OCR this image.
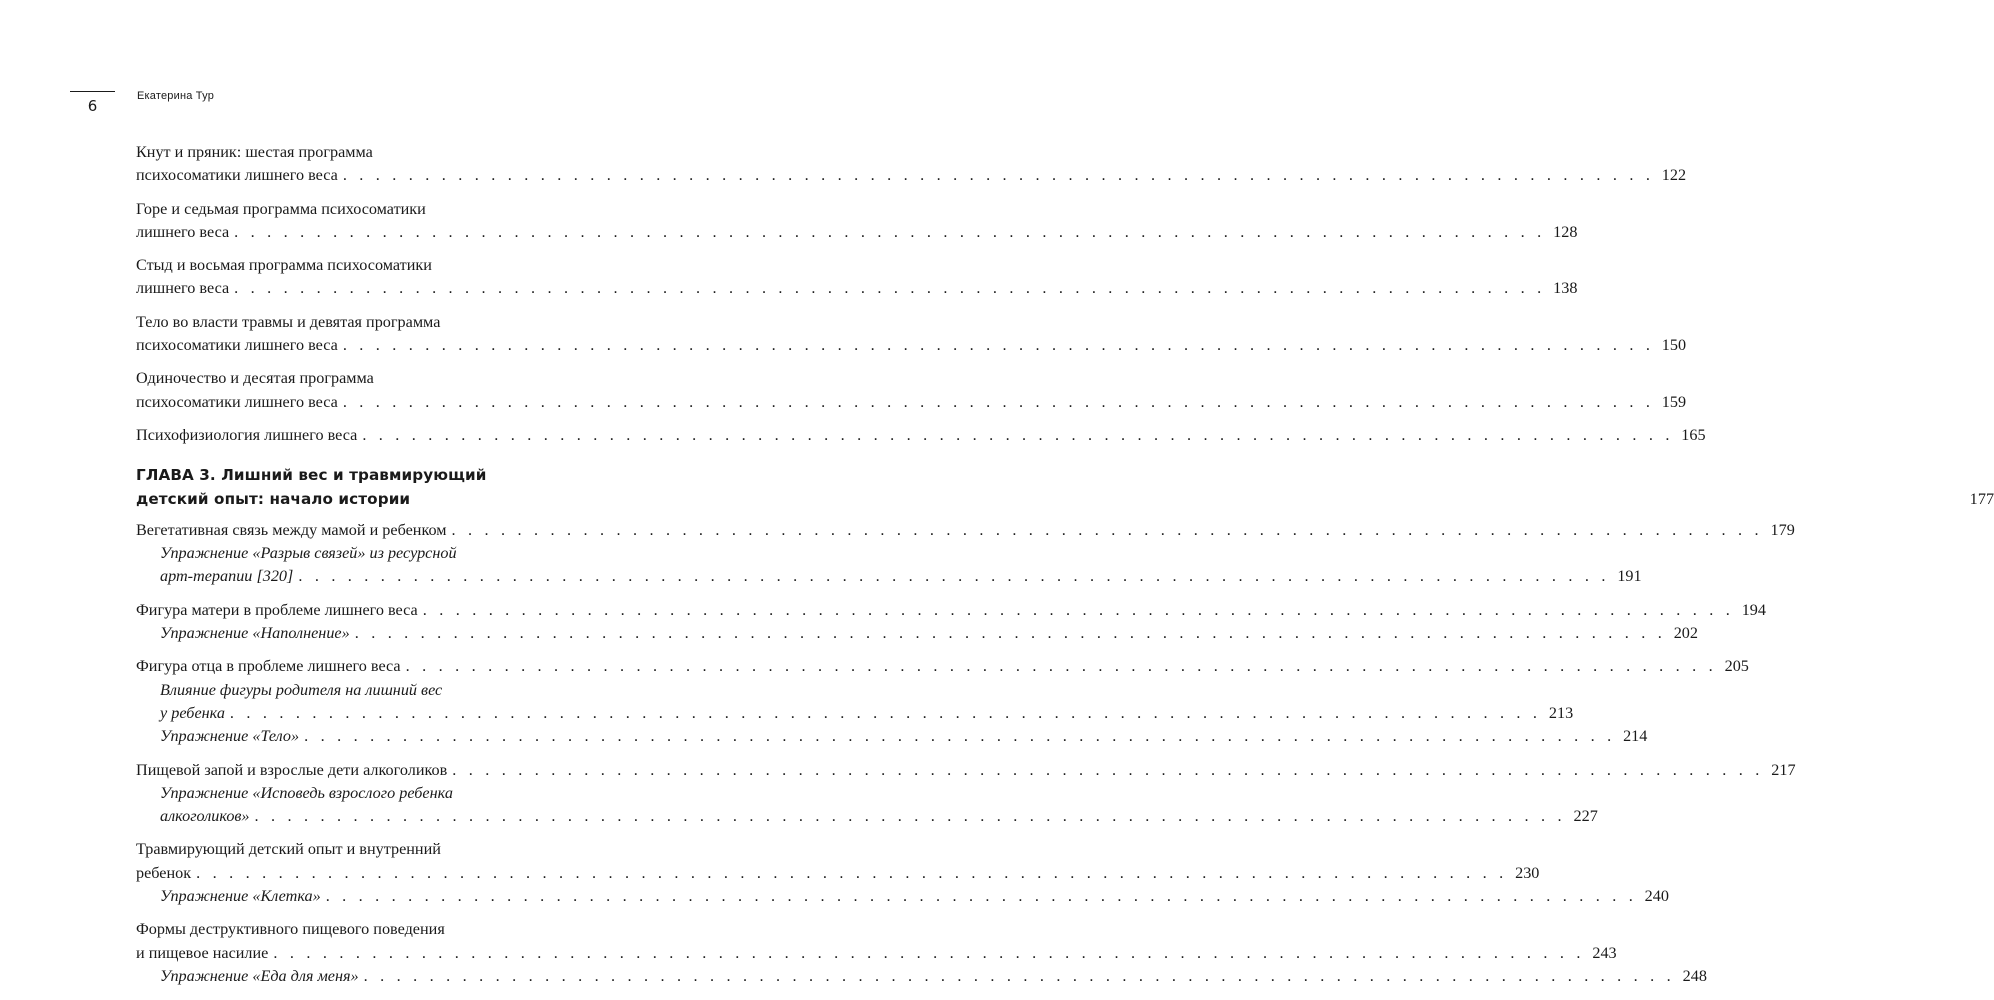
6
Екатерина Тур
Кнут и пряник: шестая программа
психосоматики лишнего веса . . . . . . . . . . . . . . . . . . . . . . . . . . . . . . . . . . . . . . . . . . . . . . . . . . . . . . . . . . . . . . . . . . . . . . . . . . . . . . . . 122
Горе и седьмая программа психосоматики
лишнего веса . . . . . . . . . . . . . . . . . . . . . . . . . . . . . . . . . . . . . . . . . . . . . . . . . . . . . . . . . . . . . . . . . . . . . . . . . . . . . . . . 128
Стыд и восьмая программа психосоматики
лишнего веса . . . . . . . . . . . . . . . . . . . . . . . . . . . . . . . . . . . . . . . . . . . . . . . . . . . . . . . . . . . . . . . . . . . . . . . . . . . . . . . . 138
Тело во власти травмы и девятая программа
психосоматики лишнего веса . . . . . . . . . . . . . . . . . . . . . . . . . . . . . . . . . . . . . . . . . . . . . . . . . . . . . . . . . . . . . . . . . . . . . . . . . . . . . . . . 150
Одиночество и десятая программа
психосоматики лишнего веса . . . . . . . . . . . . . . . . . . . . . . . . . . . . . . . . . . . . . . . . . . . . . . . . . . . . . . . . . . . . . . . . . . . . . . . . . . . . . . . . 159
Психофизиология лишнего веса . . . . . . . . . . . . . . . . . . . . . . . . . . . . . . . . . . . . . . . . . . . . . . . . . . . . . . . . . . . . . . . . . . . . . . . . . . . . . . . . 165
ГЛАВА 3. Лишний вес и травмирующий
детский опыт: начало истории	177
Вегетативная связь между мамой и ребенком . . . . . . . . . . . . . . . . . . . . . . . . . . . . . . . . . . . . . . . . . . . . . . . . . . . . . . . . . . . . . . . . . . . . . . . . . . . . . . . . 179
Упражнение «Разрыв связей» из ресурсной
арт-терапии [320] . . . . . . . . . . . . . . . . . . . . . . . . . . . . . . . . . . . . . . . . . . . . . . . . . . . . . . . . . . . . . . . . . . . . . . . . . . . . . . . . 191
Фигура матери в проблеме лишнего веса . . . . . . . . . . . . . . . . . . . . . . . . . . . . . . . . . . . . . . . . . . . . . . . . . . . . . . . . . . . . . . . . . . . . . . . . . . . . . . . . 194
Упражнение «Наполнение» . . . . . . . . . . . . . . . . . . . . . . . . . . . . . . . . . . . . . . . . . . . . . . . . . . . . . . . . . . . . . . . . . . . . . . . . . . . . . . . . 202
Фигура отца в проблеме лишнего веса . . . . . . . . . . . . . . . . . . . . . . . . . . . . . . . . . . . . . . . . . . . . . . . . . . . . . . . . . . . . . . . . . . . . . . . . . . . . . . . . 205
Влияние фигуры родителя на лишний вес
у ребенка . . . . . . . . . . . . . . . . . . . . . . . . . . . . . . . . . . . . . . . . . . . . . . . . . . . . . . . . . . . . . . . . . . . . . . . . . . . . . . . . 213
Упражнение «Тело» . . . . . . . . . . . . . . . . . . . . . . . . . . . . . . . . . . . . . . . . . . . . . . . . . . . . . . . . . . . . . . . . . . . . . . . . . . . . . . . . 214
Пищевой запой и взрослые дети алкоголиков . . . . . . . . . . . . . . . . . . . . . . . . . . . . . . . . . . . . . . . . . . . . . . . . . . . . . . . . . . . . . . . . . . . . . . . . . . . . . . . . 217
Упражнение «Исповедь взрослого ребенка
алкоголиков» . . . . . . . . . . . . . . . . . . . . . . . . . . . . . . . . . . . . . . . . . . . . . . . . . . . . . . . . . . . . . . . . . . . . . . . . . . . . . . . . 227
Травмирующий детский опыт и внутренний
ребенок . . . . . . . . . . . . . . . . . . . . . . . . . . . . . . . . . . . . . . . . . . . . . . . . . . . . . . . . . . . . . . . . . . . . . . . . . . . . . . . . 230
Упражнение «Клетка» . . . . . . . . . . . . . . . . . . . . . . . . . . . . . . . . . . . . . . . . . . . . . . . . . . . . . . . . . . . . . . . . . . . . . . . . . . . . . . . . 240
Формы деструктивного пищевого поведения
и пищевое насилие . . . . . . . . . . . . . . . . . . . . . . . . . . . . . . . . . . . . . . . . . . . . . . . . . . . . . . . . . . . . . . . . . . . . . . . . . . . . . . . . 243
Упражнение «Еда для меня» . . . . . . . . . . . . . . . . . . . . . . . . . . . . . . . . . . . . . . . . . . . . . . . . . . . . . . . . . . . . . . . . . . . . . . . . . . . . . . . . 248
